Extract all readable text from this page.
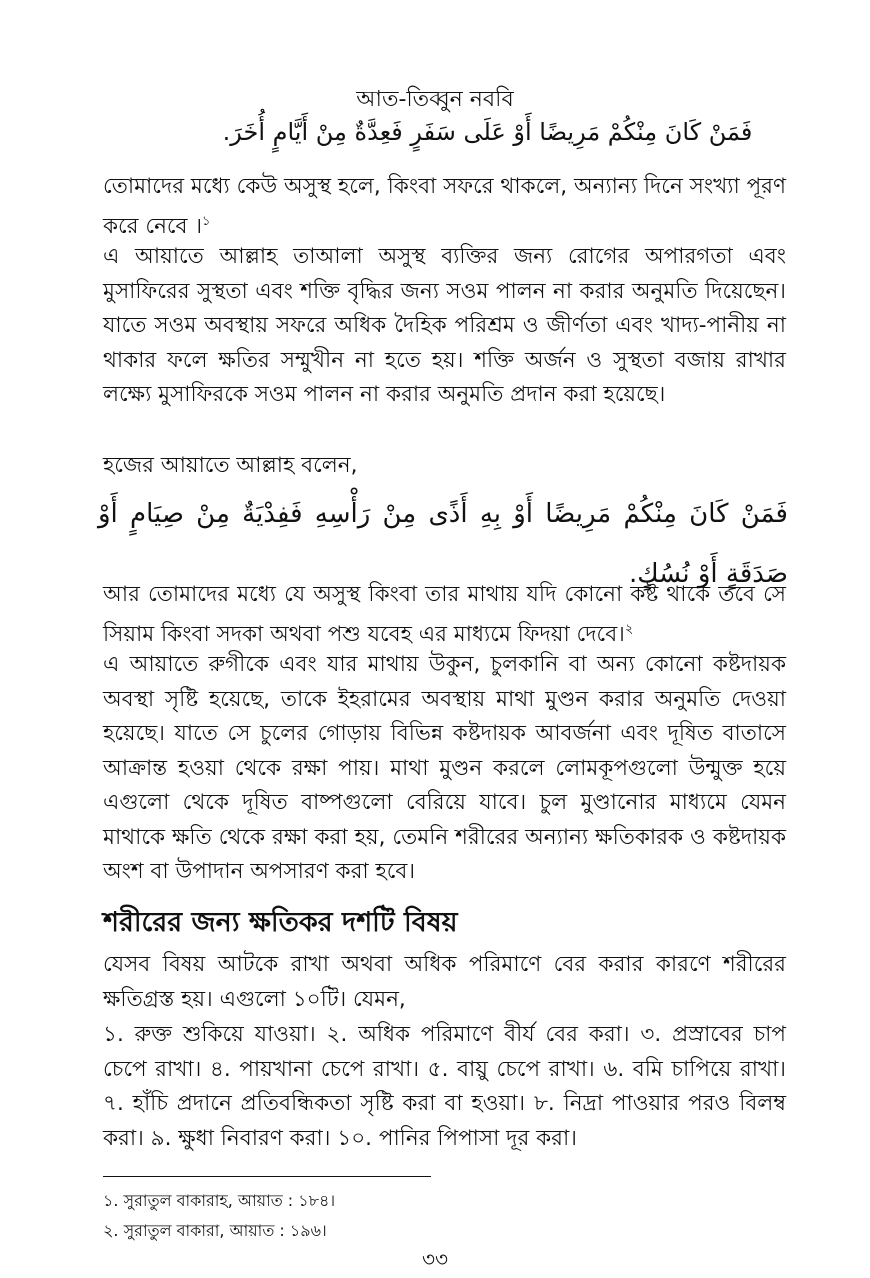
আত-তিব্বুন নববি
فَمَنْ كَانَ مِنْكُمْ مَرِيضًا أَوْ عَلَى سَفَرٍ فَعِدَّةٌ مِنْ أَيَّامٍ أُخَرَ.
তোমাদের মধ্যে কেউ অসুস্থ হলে, কিংবা সফরে থাকলে, অন্যান্য দিনে সংখ্যা পূরণ করে নেবে ।$^১$
এ আয়াতে আল্লাহ তাআলা অসুস্থ ব্যক্তির জন্য রোগের অপারগতা এবং মুসাফিরের সুস্থতা এবং শক্তি বৃদ্ধির জন্য সওম পালন না করার অনুমতি দিয়েছেন। যাতে সওম অবস্থায় সফরে অধিক দৈহিক পরিশ্রম ও জীর্ণতা এবং খাদ্য-পানীয় না থাকার ফলে ক্ষতির সম্মুখীন না হতে হয়। শক্তি অর্জন ও সুস্থতা বজায় রাখার লক্ষ্যে মুসাফিরকে সওম পালন না করার অনুমতি প্রদান করা হয়েছে।
হজের আয়াতে আল্লাহ বলেন,
فَمَنْ كَانَ مِنْكُمْ مَرِيضًا أَوْ بِهِ أَذًى مِنْ رَأْسِهِ فَفِدْيَةٌ مِنْ صِيَامٍ أَوْ صَدَقَةٍ أَوْ نُسُكٍ.
আর তোমাদের মধ্যে যে অসুস্থ কিংবা তার মাথায় যদি কোনো কষ্ট থাকে তবে সে সিয়াম কিংবা সদকা অথবা পশু যবেহ এর মাধ্যমে ফিদয়া দেবে।$^২$
এ আয়াতে রুগীকে এবং যার মাথায় উকুন, চুলকানি বা অন্য কোনো কষ্টদায়ক অবস্থা সৃষ্টি হয়েছে, তাকে ইহরামের অবস্থায় মাথা মুণ্ডন করার অনুমতি দেওয়া হয়েছে। যাতে সে চুলের গোড়ায় বিভিন্ন কষ্টদায়ক আবর্জনা এবং দূষিত বাতাসে আক্রান্ত হওয়া থেকে রক্ষা পায়। মাথা মুণ্ডন করলে লোমকূপগুলো উন্মুক্ত হয়ে এগুলো থেকে দূষিত বাষ্পগুলো বেরিয়ে যাবে। চুল মুণ্ডানোর মাধ্যমে যেমন মাথাকে ক্ষতি থেকে রক্ষা করা হয়, তেমনি শরীরের অন্যান্য ক্ষতিকারক ও কষ্টদায়ক অংশ বা উপাদান অপসারণ করা হবে।
শরীরের জন্য ক্ষতিকর দশটি বিষয়
যেসব বিষয় আটকে রাখা অথবা অধিক পরিমাণে বের করার কারণে শরীরের ক্ষতিগ্রস্ত হয়। এগুলো ১০টি। যেমন,
১. রুক্ত শুকিয়ে যাওয়া। ২. অধিক পরিমাণে বীর্য বের করা। ৩. প্রস্রাবের চাপ চেপে রাখা। ৪. পায়খানা চেপে রাখা। ৫. বায়ু চেপে রাখা। ৬. বমি চাপিয়ে রাখা। ৭. হাঁচি প্রদানে প্রতিবন্ধিকতা সৃষ্টি করা বা হওয়া। ৮. নিদ্রা পাওয়ার পরও বিলম্ব করা। ৯. ক্ষুধা নিবারণ করা। ১০. পানির পিপাসা দূর করা।
১. সুরাতুল বাকারাহ, আয়াত : ১৮৪।
২. সুরাতুল বাকারা, আয়াত : ১৯৬।
৩৩
